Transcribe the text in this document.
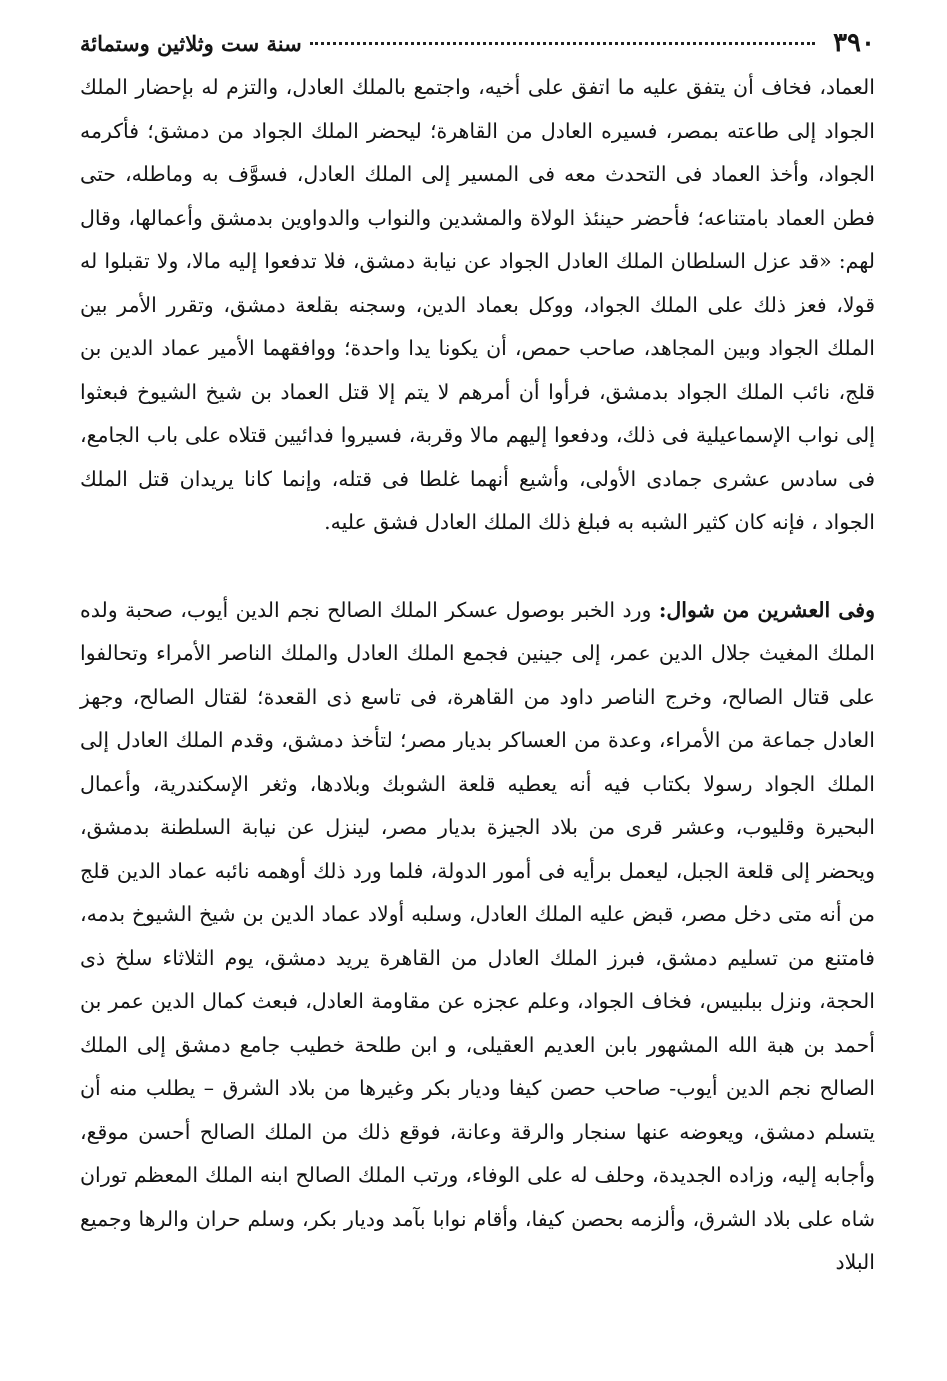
٣٩٠
سنة ست وثلاثين وستمائة

العماد، فخاف أن يتفق عليه ما اتفق على أخيه، واجتمع بالملك العادل، والتزم له بإحضار الملك الجواد إلى طاعته بمصر، فسيره العادل من القاهرة؛ ليحضر الملك الجواد من دمشق؛ فأكرمه الجواد، وأخذ العماد فى التحدث معه فى المسير إلى الملك العادل، فسوَّف به وماطله، حتى فطن العماد بامتناعه؛ فأحضر حينئذ الولاة والمشدين والنواب والدواوين بدمشق وأعمالها، وقال لهم: «قد عزل السلطان الملك العادل الجواد عن نيابة دمشق، فلا تدفعوا إليه مالا، ولا تقبلوا له قولا، فعز ذلك على الملك الجواد، ووكل بعماد الدين، وسجنه بقلعة دمشق، وتقرر الأمر بين الملك الجواد وبين المجاهد، صاحب حمص، أن يكونا يدا واحدة؛ ووافقهما الأمير عماد الدين بن قلج، نائب الملك الجواد بدمشق، فرأوا أن أمرهم لا يتم إلا قتل العماد بن شيخ الشيوخ فبعثوا إلى نواب الإسماعيلية فى ذلك، ودفعوا إليهم مالا وقربة، فسيروا فدائيين قتلاه على باب الجامع، فى سادس عشرى جمادى الأولى، وأشيع أنهما غلطا فى قتله، وإنما كانا يريدان قتل الملك الجواد ، فإنه كان كثير الشبه به فبلغ ذلك الملك العادل فشق عليه.

وفى العشرين من شوال: ورد الخبر بوصول عسكر الملك الصالح نجم الدين أيوب، صحبة ولده الملك المغيث جلال الدين عمر، إلى جينين فجمع الملك العادل والملك الناصر الأمراء وتحالفوا على قتال الصالح، وخرج الناصر داود من القاهرة، فى تاسع ذى القعدة؛ لقتال الصالح، وجهز العادل جماعة من الأمراء، وعدة من العساكر بديار مصر؛ لتأخذ دمشق، وقدم الملك العادل إلى الملك الجواد رسولا بكتاب فيه أنه يعطيه قلعة الشوبك وبلادها، وثغر الإسكندرية، وأعمال البحيرة وقليوب، وعشر قرى من بلاد الجيزة بديار مصر، لينزل عن نيابة السلطنة بدمشق، ويحضر إلى قلعة الجبل، ليعمل برأيه فى أمور الدولة، فلما ورد ذلك أوهمه نائبه عماد الدين قلج من أنه متى دخل مصر، قبض عليه الملك العادل، وسلبه أولاد عماد الدين بن شيخ الشيوخ بدمه، فامتنع من تسليم دمشق، فبرز الملك العادل من القاهرة يريد دمشق، يوم الثلاثاء سلخ ذى الحجة، ونزل ببلبيس، فخاف الجواد، وعلم عجزه عن مقاومة العادل، فبعث كمال الدين عمر بن أحمد بن هبة الله المشهور بابن العديم العقيلى، و ابن طلحة خطيب جامع دمشق إلى الملك الصالح نجم الدين أيوب- صاحب حصن كيفا وديار بكر وغيرها من بلاد الشرق – يطلب منه أن يتسلم دمشق، ويعوضه عنها سنجار والرقة وعانة، فوقع ذلك من الملك الصالح أحسن موقع، وأجابه إليه، وزاده الجديدة، وحلف له على الوفاء، ورتب الملك الصالح ابنه الملك المعظم توران شاه على بلاد الشرق، وألزمه بحصن كيفا، وأقام نوابا بآمد وديار بكر، وسلم حران والرها وجميع البلاد
